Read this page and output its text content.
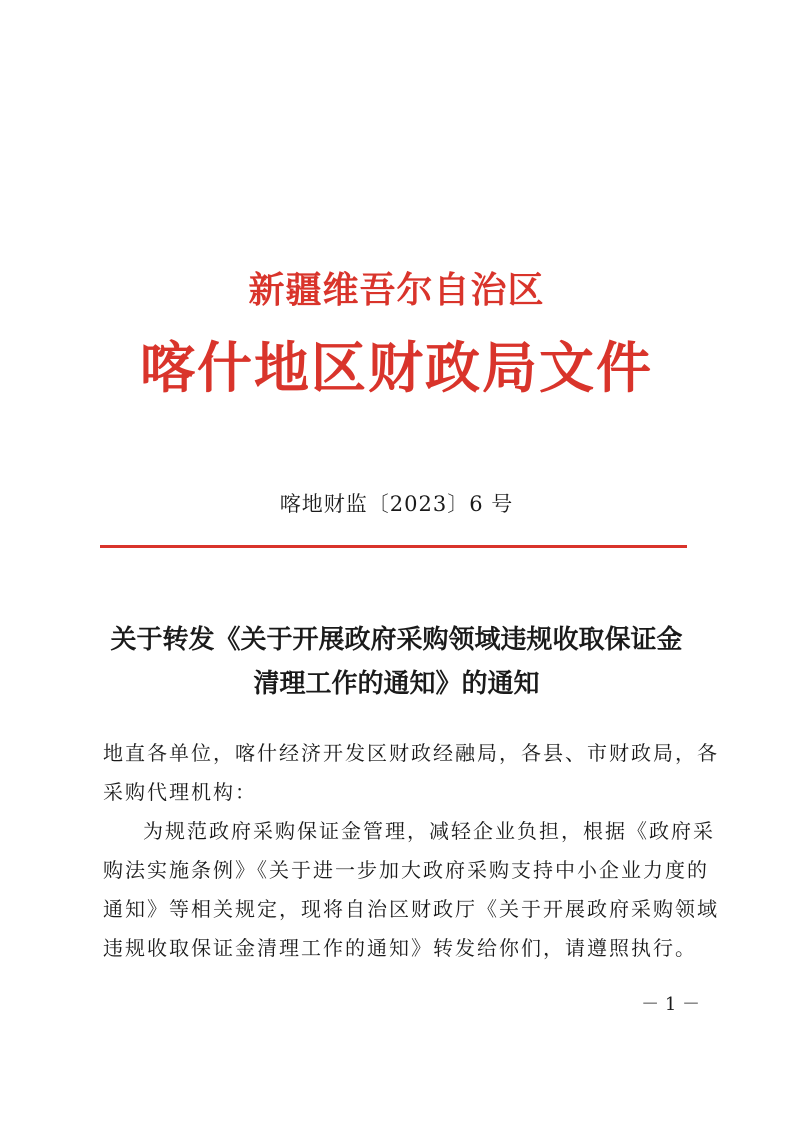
新疆维吾尔自治区
喀什地区财政局文件
喀地财监〔2023〕6 号
关于转发《关于开展政府采购领域违规收取保证金
清理工作的通知》的通知
地直各单位，喀什经济开发区财政经融局，各县、市财政局，各
采购代理机构：
为规范政府采购保证金管理，减轻企业负担，根据《政府采
购法实施条例》《关于进一步加大政府采购支持中小企业力度的
通知》等相关规定，现将自治区财政厅《关于开展政府采购领域
违规收取保证金清理工作的通知》转发给你们，请遵照执行。
－ 1 －
